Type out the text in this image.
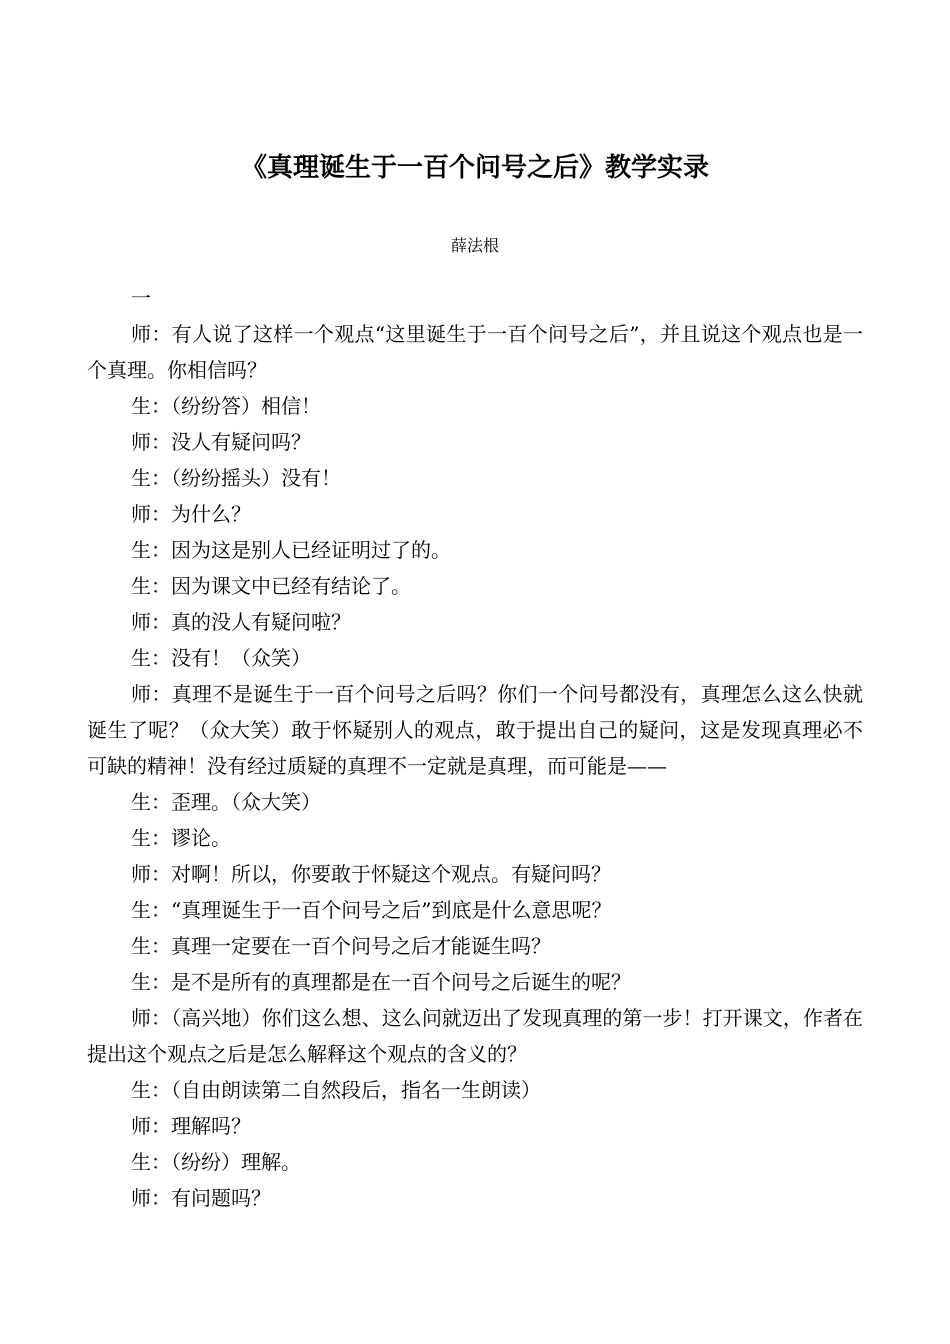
《真理诞生于一百个问号之后》教学实录
薛法根

一

师：有人说了这样一个观点“这里诞生于一百个问号之后”，并且说这个观点也是一个真理。你相信吗？

生：（纷纷答）相信！

师：没人有疑问吗？

生：（纷纷摇头）没有！

师：为什么？

生：因为这是别人已经证明过了的。

生：因为课文中已经有结论了。

师：真的没人有疑问啦？

生：没有！（众笑）

师：真理不是诞生于一百个问号之后吗？你们一个问号都没有，真理怎么这么快就诞生了呢？（众大笑）敢于怀疑别人的观点，敢于提出自己的疑问，这是发现真理必不可缺的精神！没有经过质疑的真理不一定就是真理，而可能是——

生：歪理。（众大笑）

生：谬论。

师：对啊！所以，你要敢于怀疑这个观点。有疑问吗？

生：“真理诞生于一百个问号之后”到底是什么意思呢？

生：真理一定要在一百个问号之后才能诞生吗？

生：是不是所有的真理都是在一百个问号之后诞生的呢？

师：（高兴地）你们这么想、这么问就迈出了发现真理的第一步！打开课文，作者在提出这个观点之后是怎么解释这个观点的含义的？

生：（自由朗读第二自然段后，指名一生朗读）

师：理解吗？

生：（纷纷）理解。

师：有问题吗？
